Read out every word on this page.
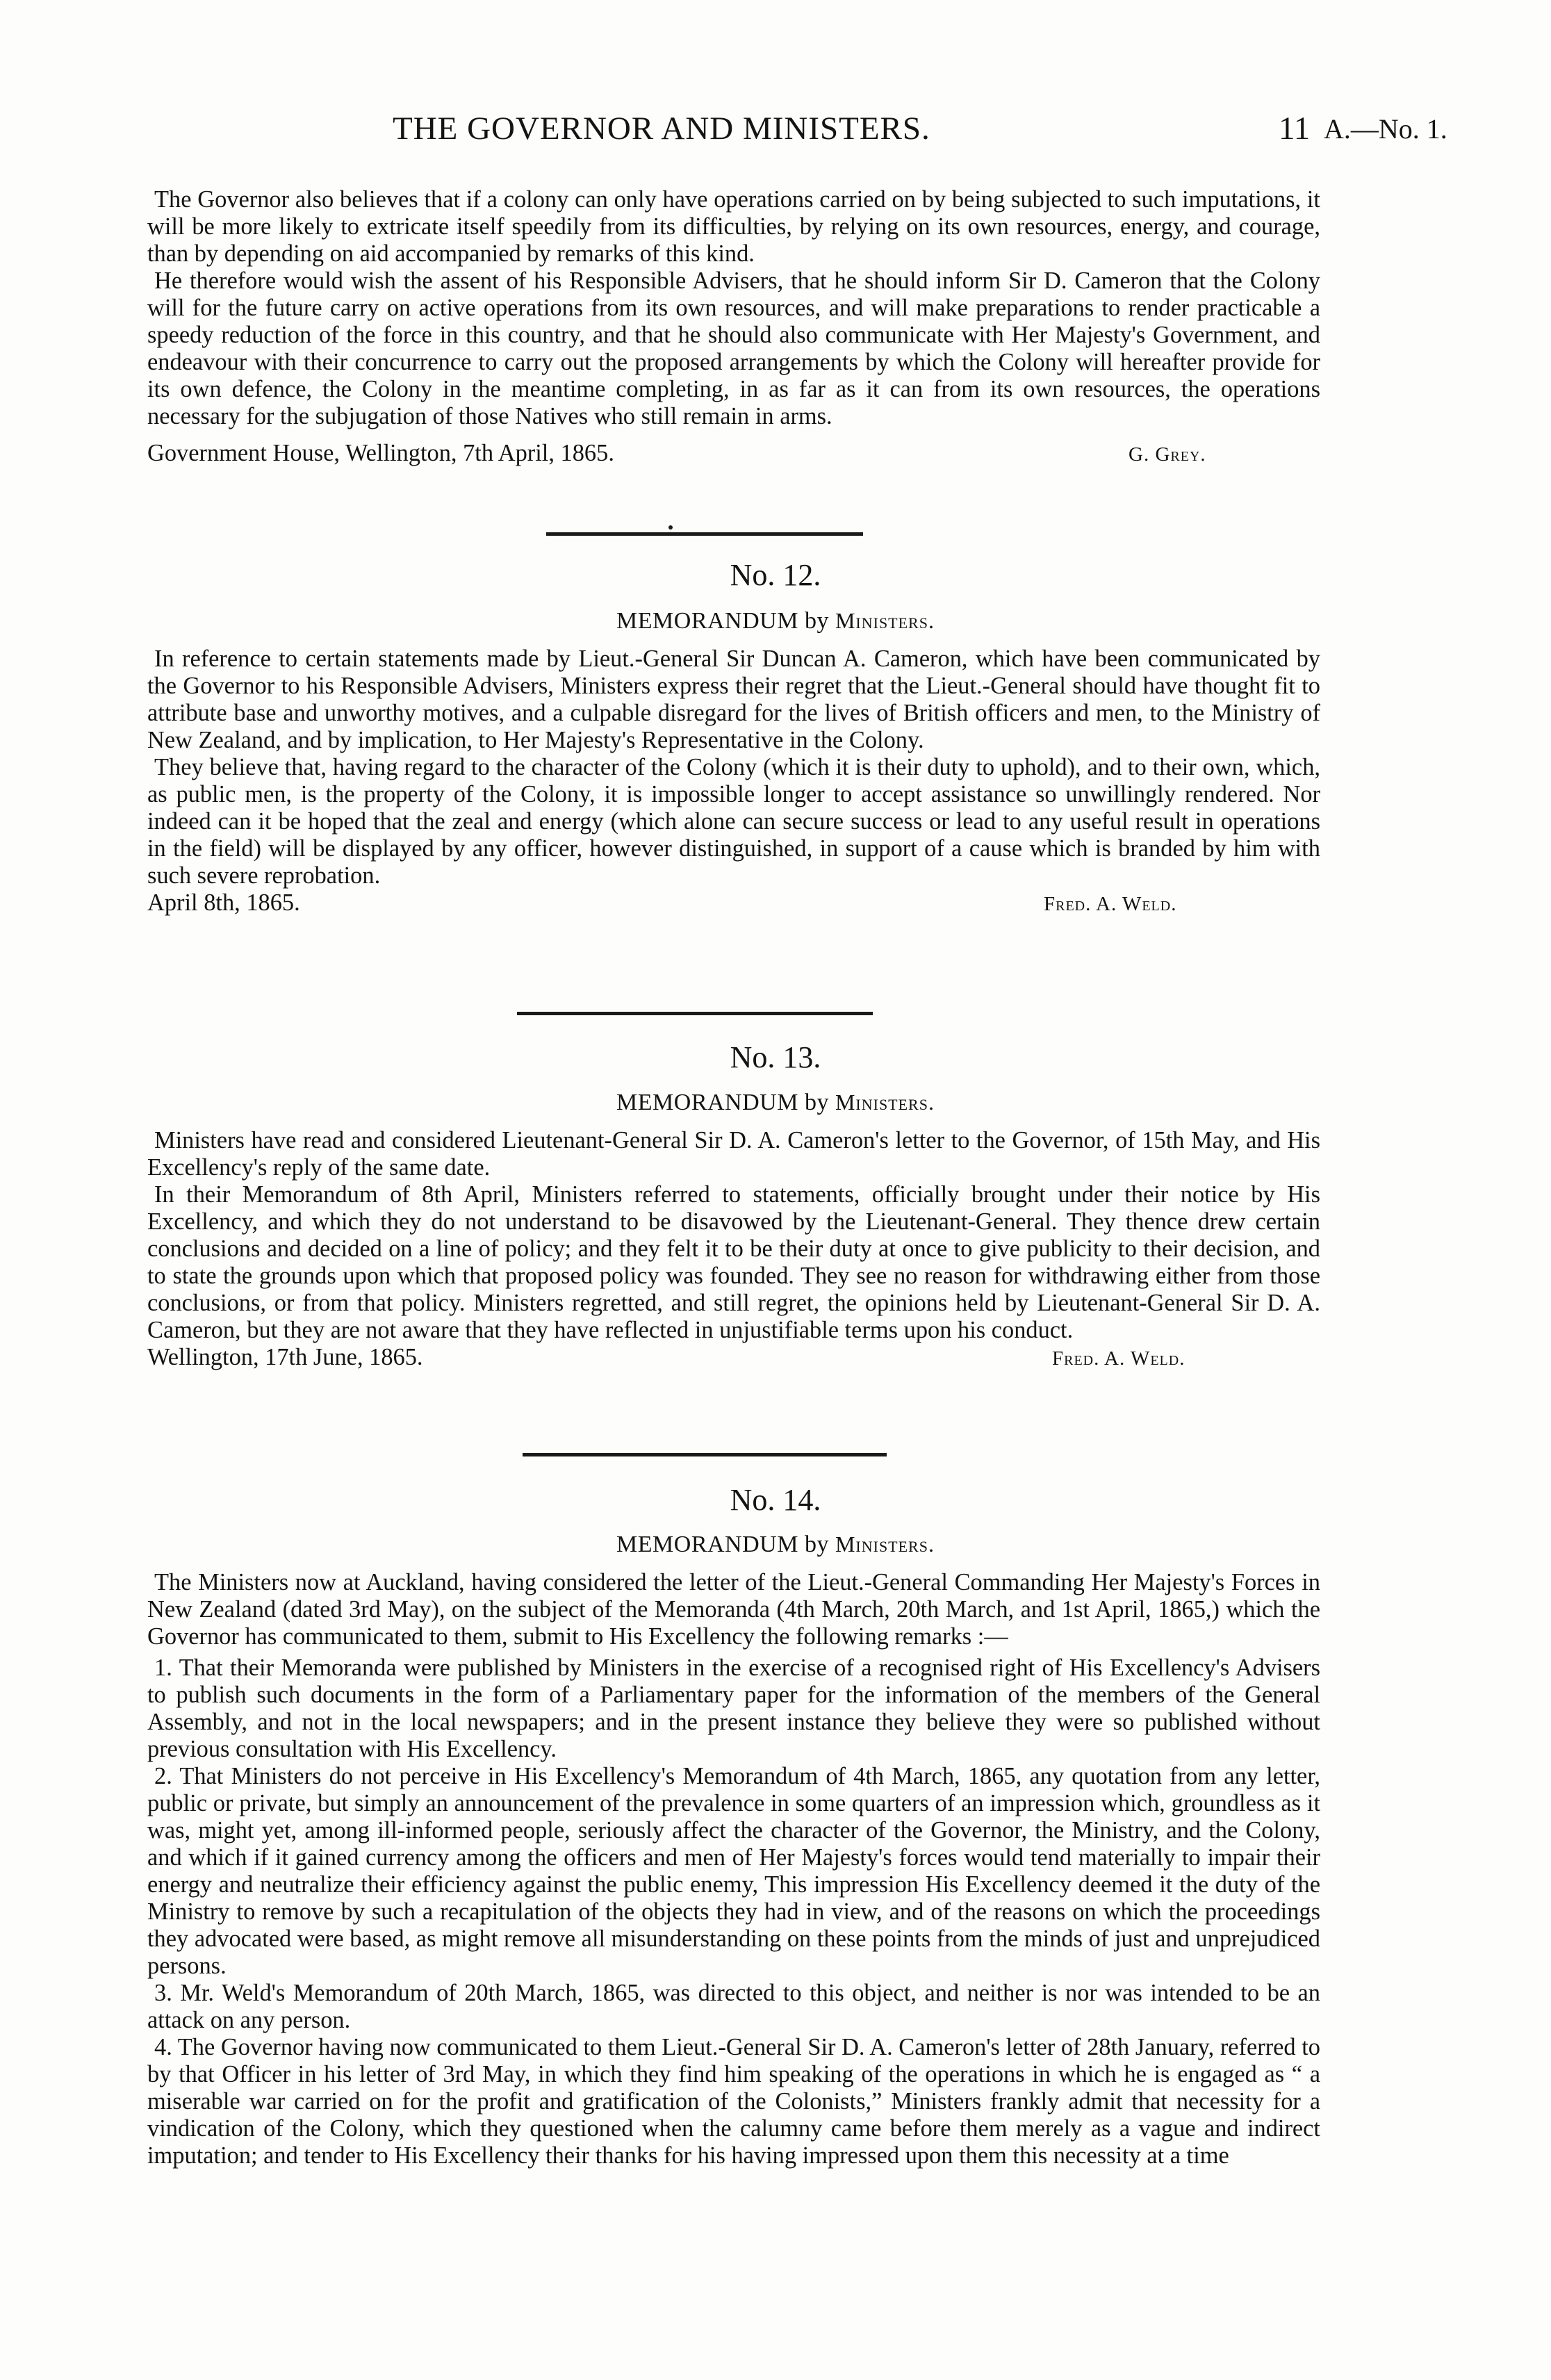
THE GOVERNOR AND MINISTERS.	11 A.—No. 1.

The Governor also believes that if a colony can only have operations carried on by being subjected to such imputations, it will be more likely to extricate itself speedily from its difficulties, by relying on its own resources, energy, and courage, than by depending on aid accompanied by remarks of this kind.

He therefore would wish the assent of his Responsible Advisers, that he should inform Sir D. Cameron that the Colony will for the future carry on active operations from its own resources, and will make preparations to render practicable a speedy reduction of the force in this country, and that he should also communicate with Her Majesty's Government, and endeavour with their concurrence to carry out the proposed arrangements by which the Colony will hereafter provide for its own defence, the Colony in the meantime completing, in as far as it can from its own resources, the operations necessary for the subjugation of those Natives who still remain in arms.

Government House, Wellington, 7th April, 1865.	G. Grey.
No. 12.
MEMORANDUM by Ministers.

In reference to certain statements made by Lieut.-General Sir Duncan A. Cameron, which have been communicated by the Governor to his Responsible Advisers, Ministers express their regret that the Lieut.-General should have thought fit to attribute base and unworthy motives, and a culpable disregard for the lives of British officers and men, to the Ministry of New Zealand, and by implication, to Her Majesty's Representative in the Colony.

They believe that, having regard to the character of the Colony (which it is their duty to uphold), and to their own, which, as public men, is the property of the Colony, it is impossible longer to accept assistance so unwillingly rendered. Nor indeed can it be hoped that the zeal and energy (which alone can secure success or lead to any useful result in operations in the field) will be displayed by any officer, however distinguished, in support of a cause which is branded by him with such severe reprobation.

April 8th, 1865.	Fred. A. Weld.
No. 13.
MEMORANDUM by Ministers.

Ministers have read and considered Lieutenant-General Sir D. A. Cameron's letter to the Governor, of 15th May, and His Excellency's reply of the same date.

In their Memorandum of 8th April, Ministers referred to statements, officially brought under their notice by His Excellency, and which they do not understand to be disavowed by the Lieutenant-General. They thence drew certain conclusions and decided on a line of policy; and they felt it to be their duty at once to give publicity to their decision, and to state the grounds upon which that proposed policy was founded. They see no reason for withdrawing either from those conclusions, or from that policy. Ministers regretted, and still regret, the opinions held by Lieutenant-General Sir D. A. Cameron, but they are not aware that they have reflected in unjustifiable terms upon his conduct.

Wellington, 17th June, 1865.	Fred. A. Weld.
No. 14.
MEMORANDUM by Ministers.

The Ministers now at Auckland, having considered the letter of the Lieut.-General Commanding Her Majesty's Forces in New Zealand (dated 3rd May), on the subject of the Memoranda (4th March, 20th March, and 1st April, 1865,) which the Governor has communicated to them, submit to His Excellency the following remarks :—

1. That their Memoranda were published by Ministers in the exercise of a recognised right of His Excellency's Advisers to publish such documents in the form of a Parliamentary paper for the information of the members of the General Assembly, and not in the local newspapers; and in the present instance they believe they were so published without previous consultation with His Excellency.

2. That Ministers do not perceive in His Excellency's Memorandum of 4th March, 1865, any quotation from any letter, public or private, but simply an announcement of the prevalence in some quarters of an impression which, groundless as it was, might yet, among ill-informed people, seriously affect the character of the Governor, the Ministry, and the Colony, and which if it gained currency among the officers and men of Her Majesty's forces would tend materially to impair their energy and neutralize their efficiency against the public enemy, This impression His Excellency deemed it the duty of the Ministry to remove by such a recapitulation of the objects they had in view, and of the reasons on which the proceedings they advocated were based, as might remove all misunderstanding on these points from the minds of just and unprejudiced persons.

3. Mr. Weld's Memorandum of 20th March, 1865, was directed to this object, and neither is nor was intended to be an attack on any person.

4. The Governor having now communicated to them Lieut.-General Sir D. A. Cameron's letter of 28th January, referred to by that Officer in his letter of 3rd May, in which they find him speaking of the operations in which he is engaged as “ a miserable war carried on for the profit and gratification of the Colonists,” Ministers frankly admit that necessity for a vindication of the Colony, which they questioned when the calumny came before them merely as a vague and indirect imputation; and tender to His Excellency their thanks for his having impressed upon them this necessity at a time
